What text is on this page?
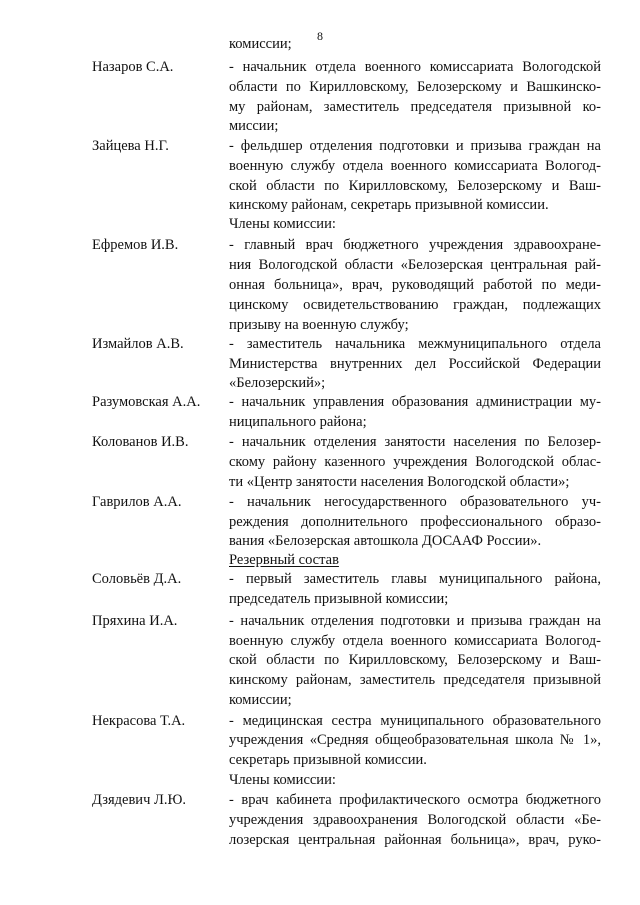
8
комиссии;
Назаров С.А.	- начальник отдела военного комиссариата Вологодской
области по Кирилловскому, Белозерскому и Вашкинско-
му районам, заместитель председателя призывной ко-
миссии;
Зайцева Н.Г.	- фельдшер отделения подготовки и призыва граждан на
военную службу отдела военного комиссариата Вологод-
ской области по Кирилловскому, Белозерскому и Ваш-
кинскому районам, секретарь призывной комиссии.
Члены комиссии:
Ефремов И.В.	- главный врач бюджетного учреждения здравоохране-
ния Вологодской области «Белозерская центральная рай-
онная больница», врач, руководящий работой по меди-
цинскому освидетельствованию граждан, подлежащих
призыву на военную службу;
Измайлов А.В.	- заместитель начальника межмуниципального отдела
Министерства внутренних дел Российской Федерации
«Белозерский»;
Разумовская А.А. - начальник управления образования администрации му-
ниципального района;
Колованов И.В.	- начальник отделения занятости населения по Белозер-
скому району казенного учреждения Вологодской облас-
ти «Центр занятости населения Вологодской области»;
Гаврилов А.А.	- начальник негосударственного образовательного уч-
реждения дополнительного профессионального образо-
вания «Белозерская автошкола ДОСААФ России».
Резервный состав
Соловьёв Д.А.	- первый заместитель главы муниципального района,
председатель призывной комиссии;
Пряхина И.А.	- начальник отделения подготовки и призыва граждан на
военную службу отдела военного комиссариата Вологод-
ской области по Кирилловскому, Белозерскому и Ваш-
кинскому районам, заместитель председателя призывной
комиссии;
Некрасова Т.А.	- медицинская сестра муниципального образовательного
учреждения «Средняя общеобразовательная школа № 1»,
секретарь призывной комиссии.
Члены комиссии:
Дзядевич Л.Ю.	- врач кабинета профилактического осмотра бюджетного
учреждения здравоохранения Вологодской области «Бе-
лозерская центральная районная больница», врач, руко-
